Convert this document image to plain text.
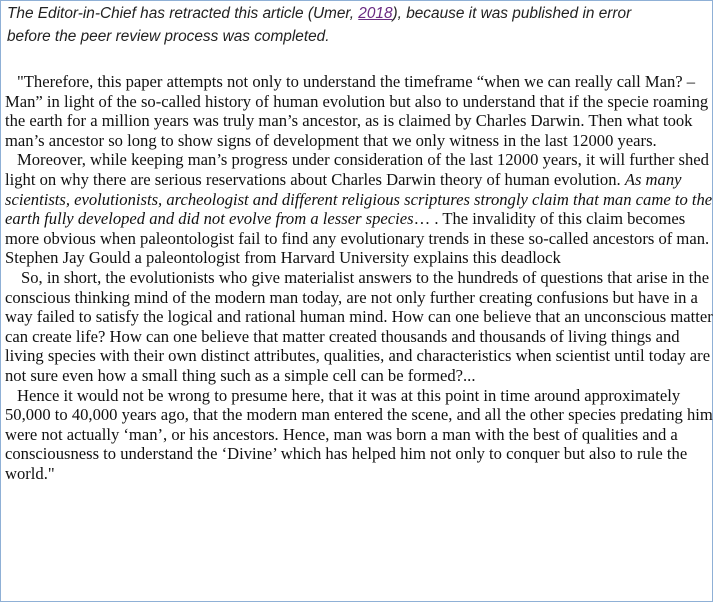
The Editor-in-Chief has retracted this article (Umer, 2018), because it was published in error
before the peer review process was completed.

"Therefore, this paper attempts not only to understand the timeframe “when we can really call Man? – Man” in light of the so-called history of human evolution but also to understand that if the specie roaming the earth for a million years was truly man’s ancestor, as is claimed by Charles Darwin. Then what took man’s ancestor so long to show signs of development that we only witness in the last 12000 years.

Moreover, while keeping man’s progress under consideration of the last 12000 years, it will further shed light on why there are serious reservations about Charles Darwin theory of human evolution. As many scientists, evolutionists, archeologist and different religious scriptures strongly claim that man came to the earth fully developed and did not evolve from a lesser species… . The invalidity of this claim becomes more obvious when paleontologist fail to find any evolutionary trends in these so-called ancestors of man. Stephen Jay Gould a paleontologist from Harvard University explains this deadlock

So, in short, the evolutionists who give materialist answers to the hundreds of questions that arise in the conscious thinking mind of the modern man today, are not only further creating confusions but have in a way failed to satisfy the logical and rational human mind. How can one believe that an unconscious matter can create life? How can one believe that matter created thousands and thousands of living things and living species with their own distinct attributes, qualities, and characteristics when scientist until today are not sure even how a small thing such as a simple cell can be formed?...

Hence it would not be wrong to presume here, that it was at this point in time around approximately 50,000 to 40,000 years ago, that the modern man entered the scene, and all the other species predating him were not actually ‘man’, or his ancestors. Hence, man was born a man with the best of qualities and a consciousness to understand the ‘Divine’ which has helped him not only to conquer but also to rule the world."
